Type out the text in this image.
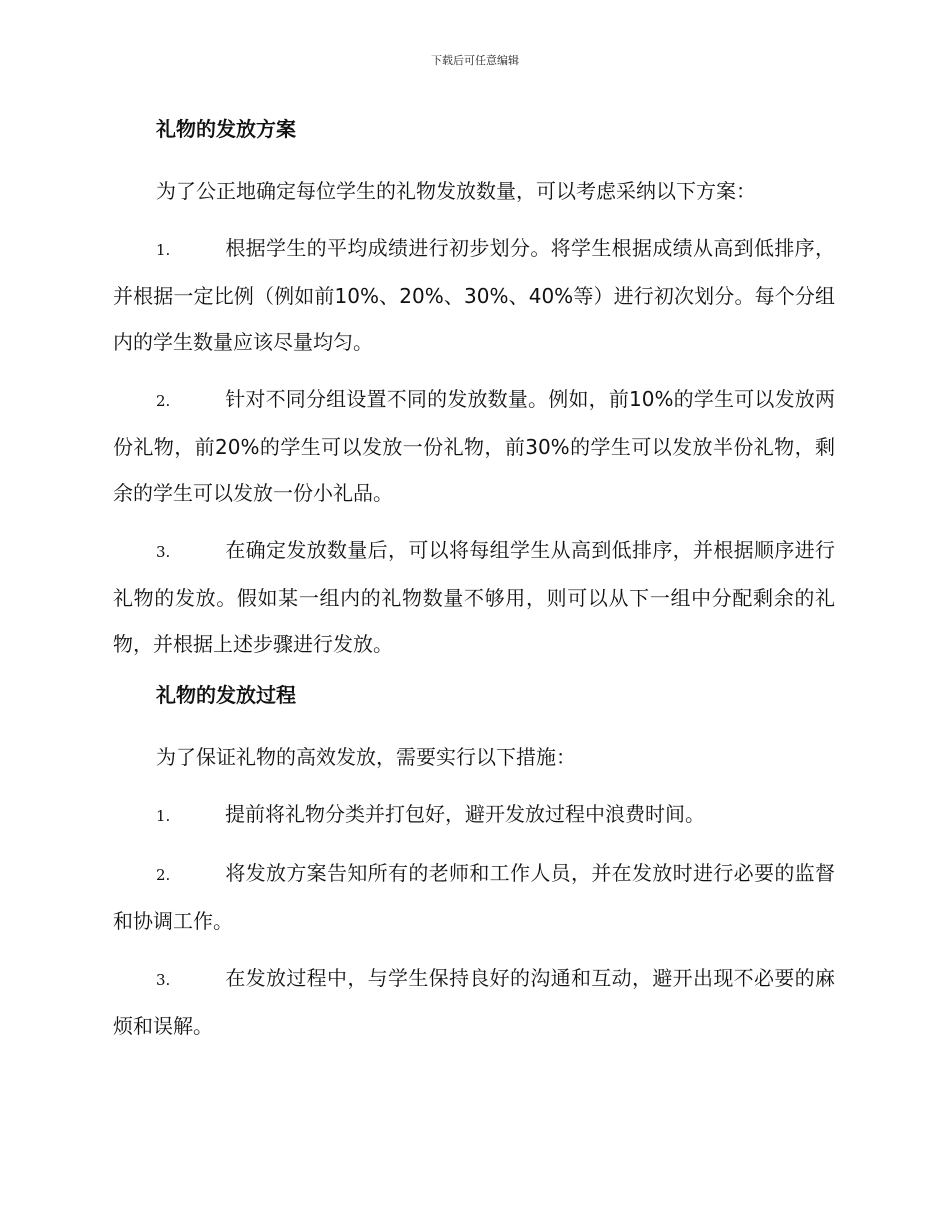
下载后可任意编辑
礼物的发放方案

为了公正地确定每位学生的礼物发放数量，可以考虑采纳以下方案：

1.	根据学生的平均成绩进行初步划分。将学生根据成绩从高到低排序，并根据一定比例（例如前10%、20%、30%、40%等）进行初次划分。每个分组内的学生数量应该尽量均匀。

2.	针对不同分组设置不同的发放数量。例如，前10%的学生可以发放两份礼物，前20%的学生可以发放一份礼物，前30%的学生可以发放半份礼物，剩余的学生可以发放一份小礼品。

3.	在确定发放数量后，可以将每组学生从高到低排序，并根据顺序进行礼物的发放。假如某一组内的礼物数量不够用，则可以从下一组中分配剩余的礼物，并根据上述步骤进行发放。

礼物的发放过程

为了保证礼物的高效发放，需要实行以下措施：

1.	提前将礼物分类并打包好，避开发放过程中浪费时间。

2.	将发放方案告知所有的老师和工作人员，并在发放时进行必要的监督和协调工作。

3.	在发放过程中，与学生保持良好的沟通和互动，避开出现不必要的麻烦和误解。
